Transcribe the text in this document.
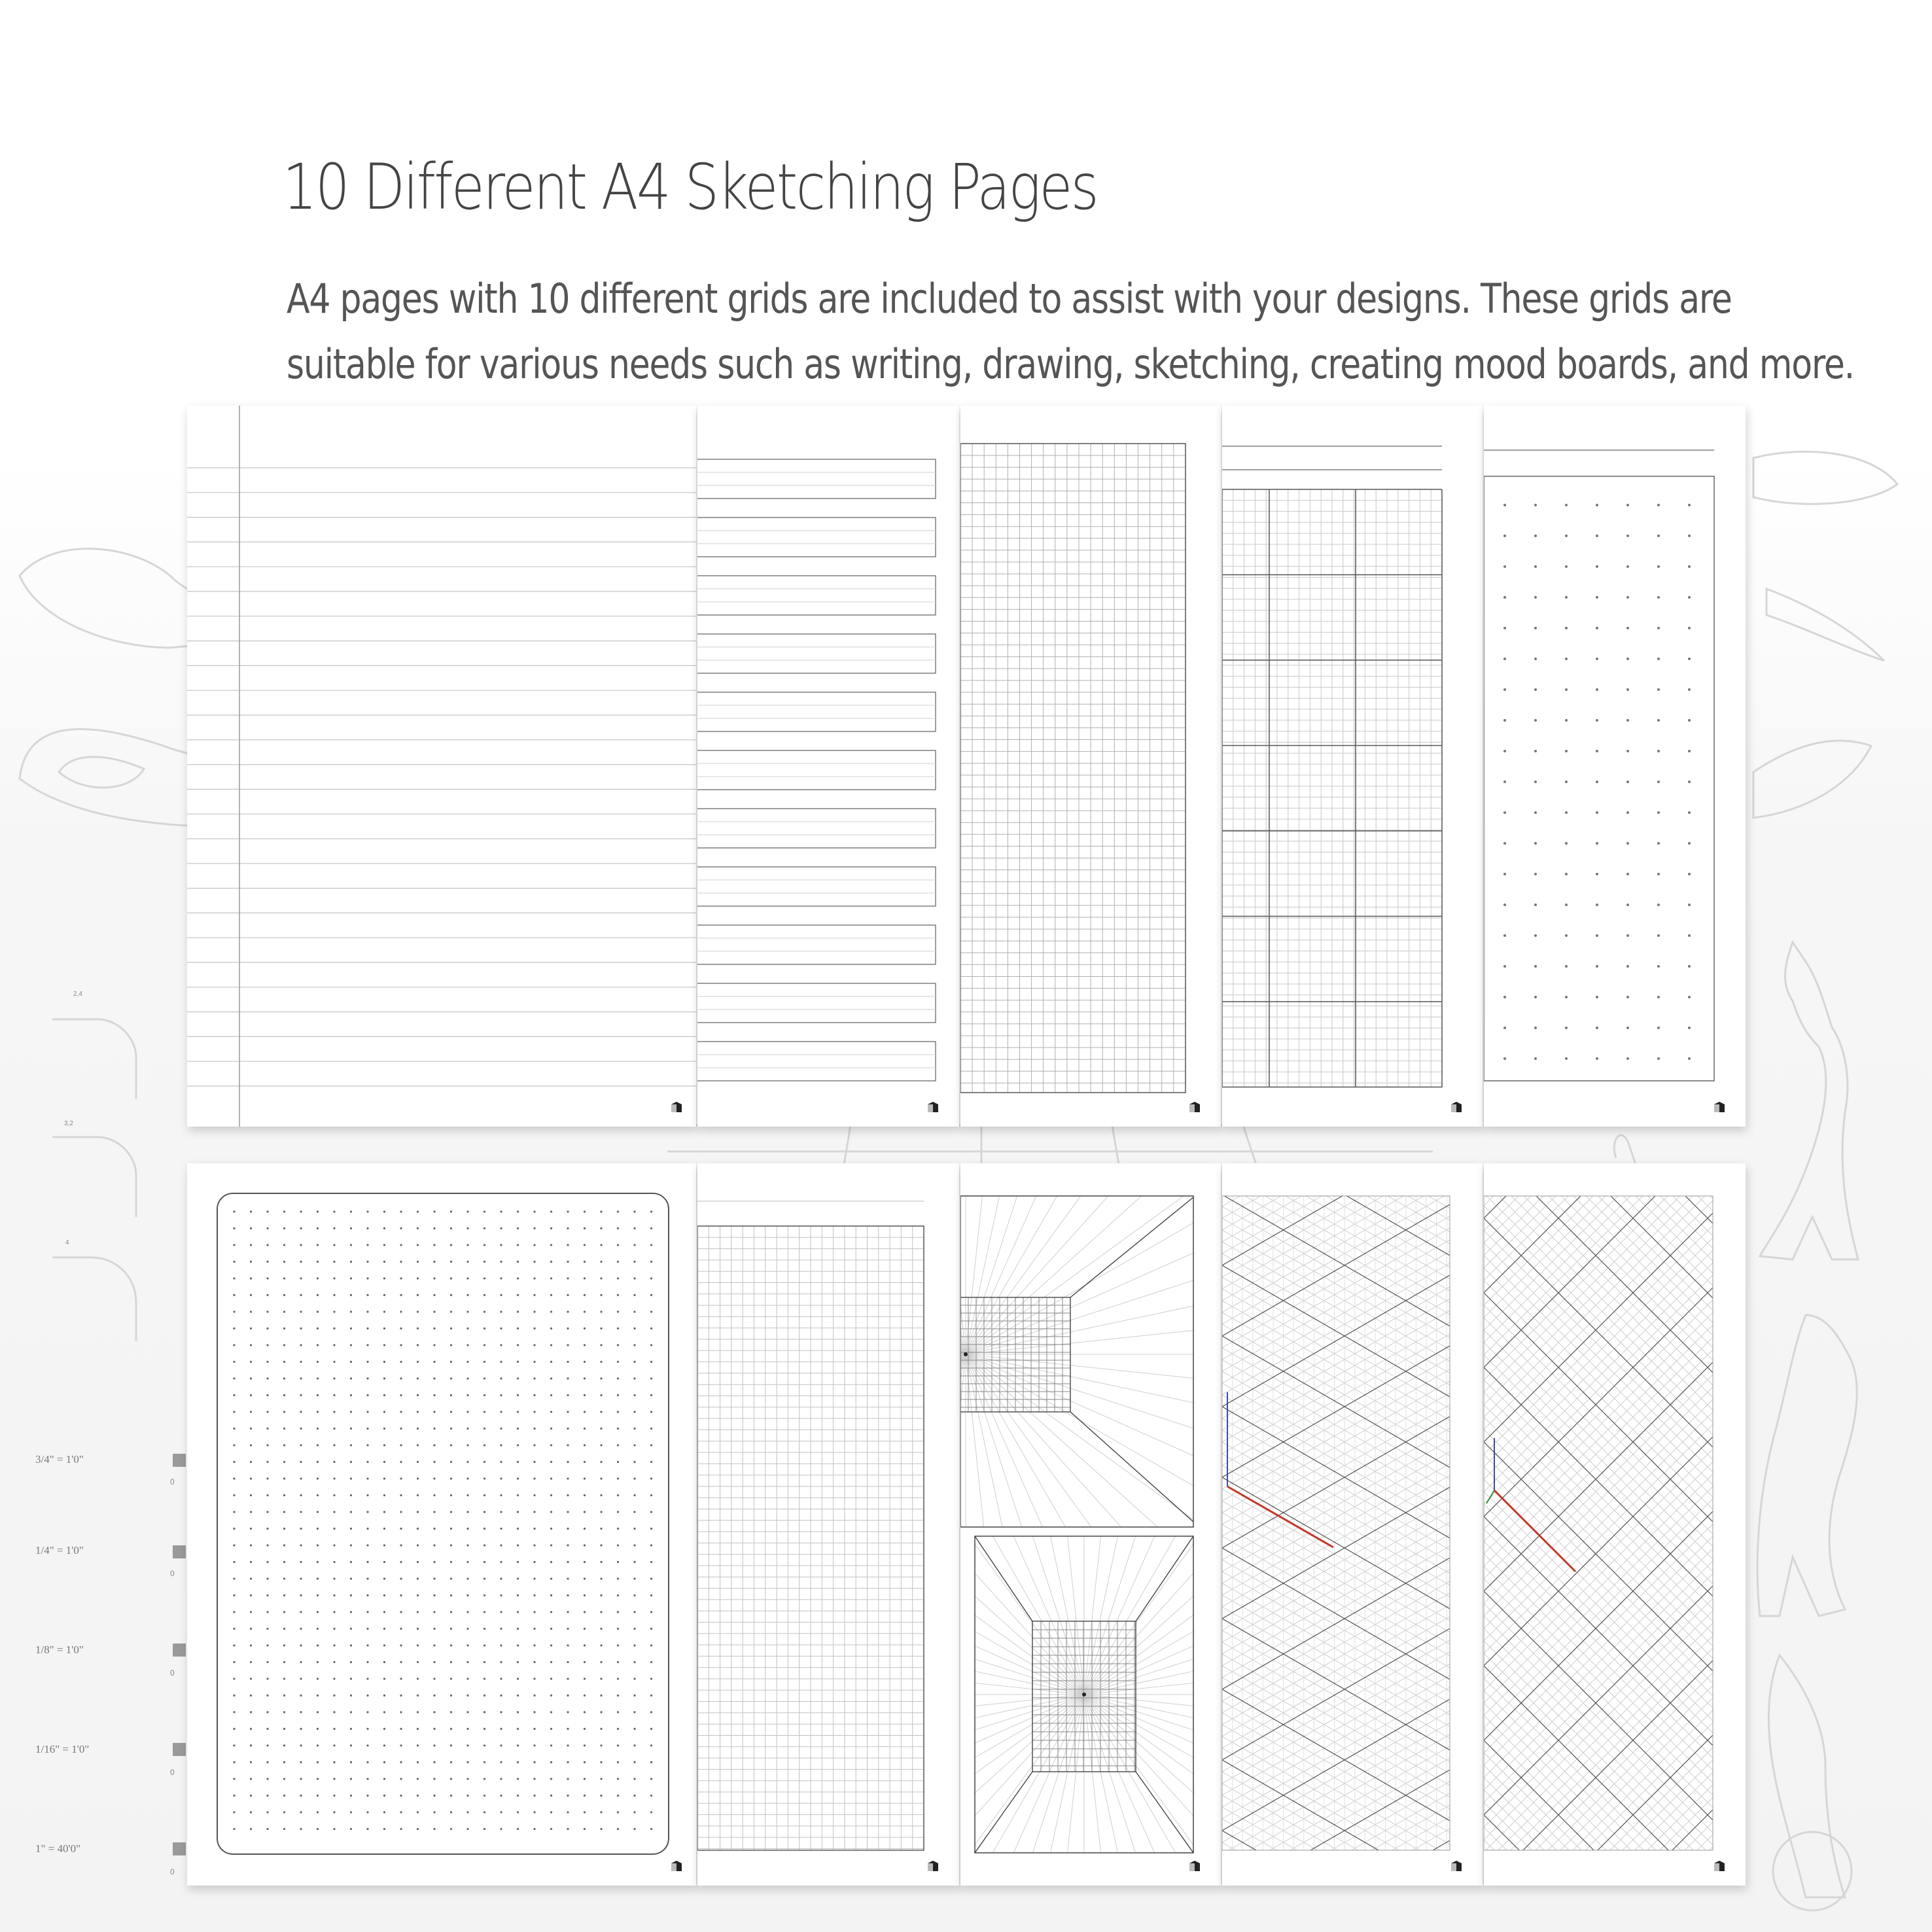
10 Different A4 Sketching Pages

A4 pages with 10 different grids are included to assist with your designs. These grids are

suitable for various needs such as writing, drawing, sketching, creating mood boards, and more.

2,4
3,2
4
3/4" = 1'0"
1/4" = 1'0"
1/8" = 1'0"
1/16" = 1'0"
1" = 40'0"
0
0
0
0
0
